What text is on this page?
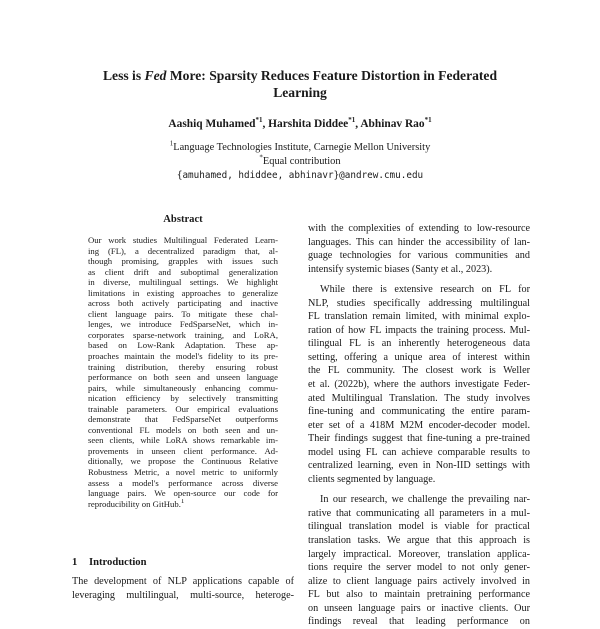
Less is Fed More: Sparsity Reduces Feature Distortion in Federated
Learning
Aashiq Muhamed$^{*1}$, Harshita Diddee$^{*1}$, Abhinav Rao$^{*1}$
$^1$Language Technologies Institute, Carnegie Mellon University
*Equal contribution
{amuhamed, hdiddee, abhinavr}@andrew.cmu.edu
Abstract
Our work studies Multilingual Federated Learn-
ing (FL), a decentralized paradigm that, al-
though promising, grapples with issues such
as client drift and suboptimal generalization
in diverse, multilingual settings. We highlight
limitations in existing approaches to generalize
across both actively participating and inactive
client language pairs. To mitigate these chal-
lenges, we introduce FedSparseNet, which in-
corporates sparse-network training, and LoRA,
based on Low-Rank Adaptation. These ap-
proaches maintain the model's fidelity to its pre-
training distribution, thereby ensuring robust
performance on both seen and unseen language
pairs, while simultaneously enhancing commu-
nication efficiency by selectively transmitting
trainable parameters. Our empirical evaluations
demonstrate that FedSparseNet outperforms
conventional FL models on both seen and un-
seen clients, while LoRA shows remarkable im-
provements in unseen client performance. Ad-
ditionally, we propose the Continuous Relative
Robustness Metric, a novel metric to uniformly
assess a model's performance across diverse
language pairs. We open-source our code for
reproducibility on GitHub.$^1$
1 Introduction
The development of NLP applications capable of
leveraging multilingual, multi-source, heteroge-
with the complexities of extending to low-resource
languages. This can hinder the accessibility of lan-
guage technologies for various communities and
intensify systemic biases (Santy et al., 2023).
While there is extensive research on FL for
NLP, studies specifically addressing multilingual
FL translation remain limited, with minimal explo-
ration of how FL impacts the training process. Mul-
tilingual FL is an inherently heterogeneous data
setting, offering a unique area of interest within
the FL community. The closest work is Weller
et al. (2022b), where the authors investigate Feder-
ated Multilingual Translation. The study involves
fine-tuning and communicating the entire param-
eter set of a 418M M2M encoder-decoder model.
Their findings suggest that fine-tuning a pre-trained
model using FL can achieve comparable results to
centralized learning, even in Non-IID settings with
clients segmented by language.
In our research, we challenge the prevailing nar-
rative that communicating all parameters in a mul-
tilingual translation model is viable for practical
translation tasks. We argue that this approach is
largely impractical. Moreover, translation applica-
tions require the server model to not only gener-
alize to client language pairs actively involved in
FL but also to maintain pretraining performance
on unseen language pairs or inactive clients. Our
findings reveal that leading performance on
